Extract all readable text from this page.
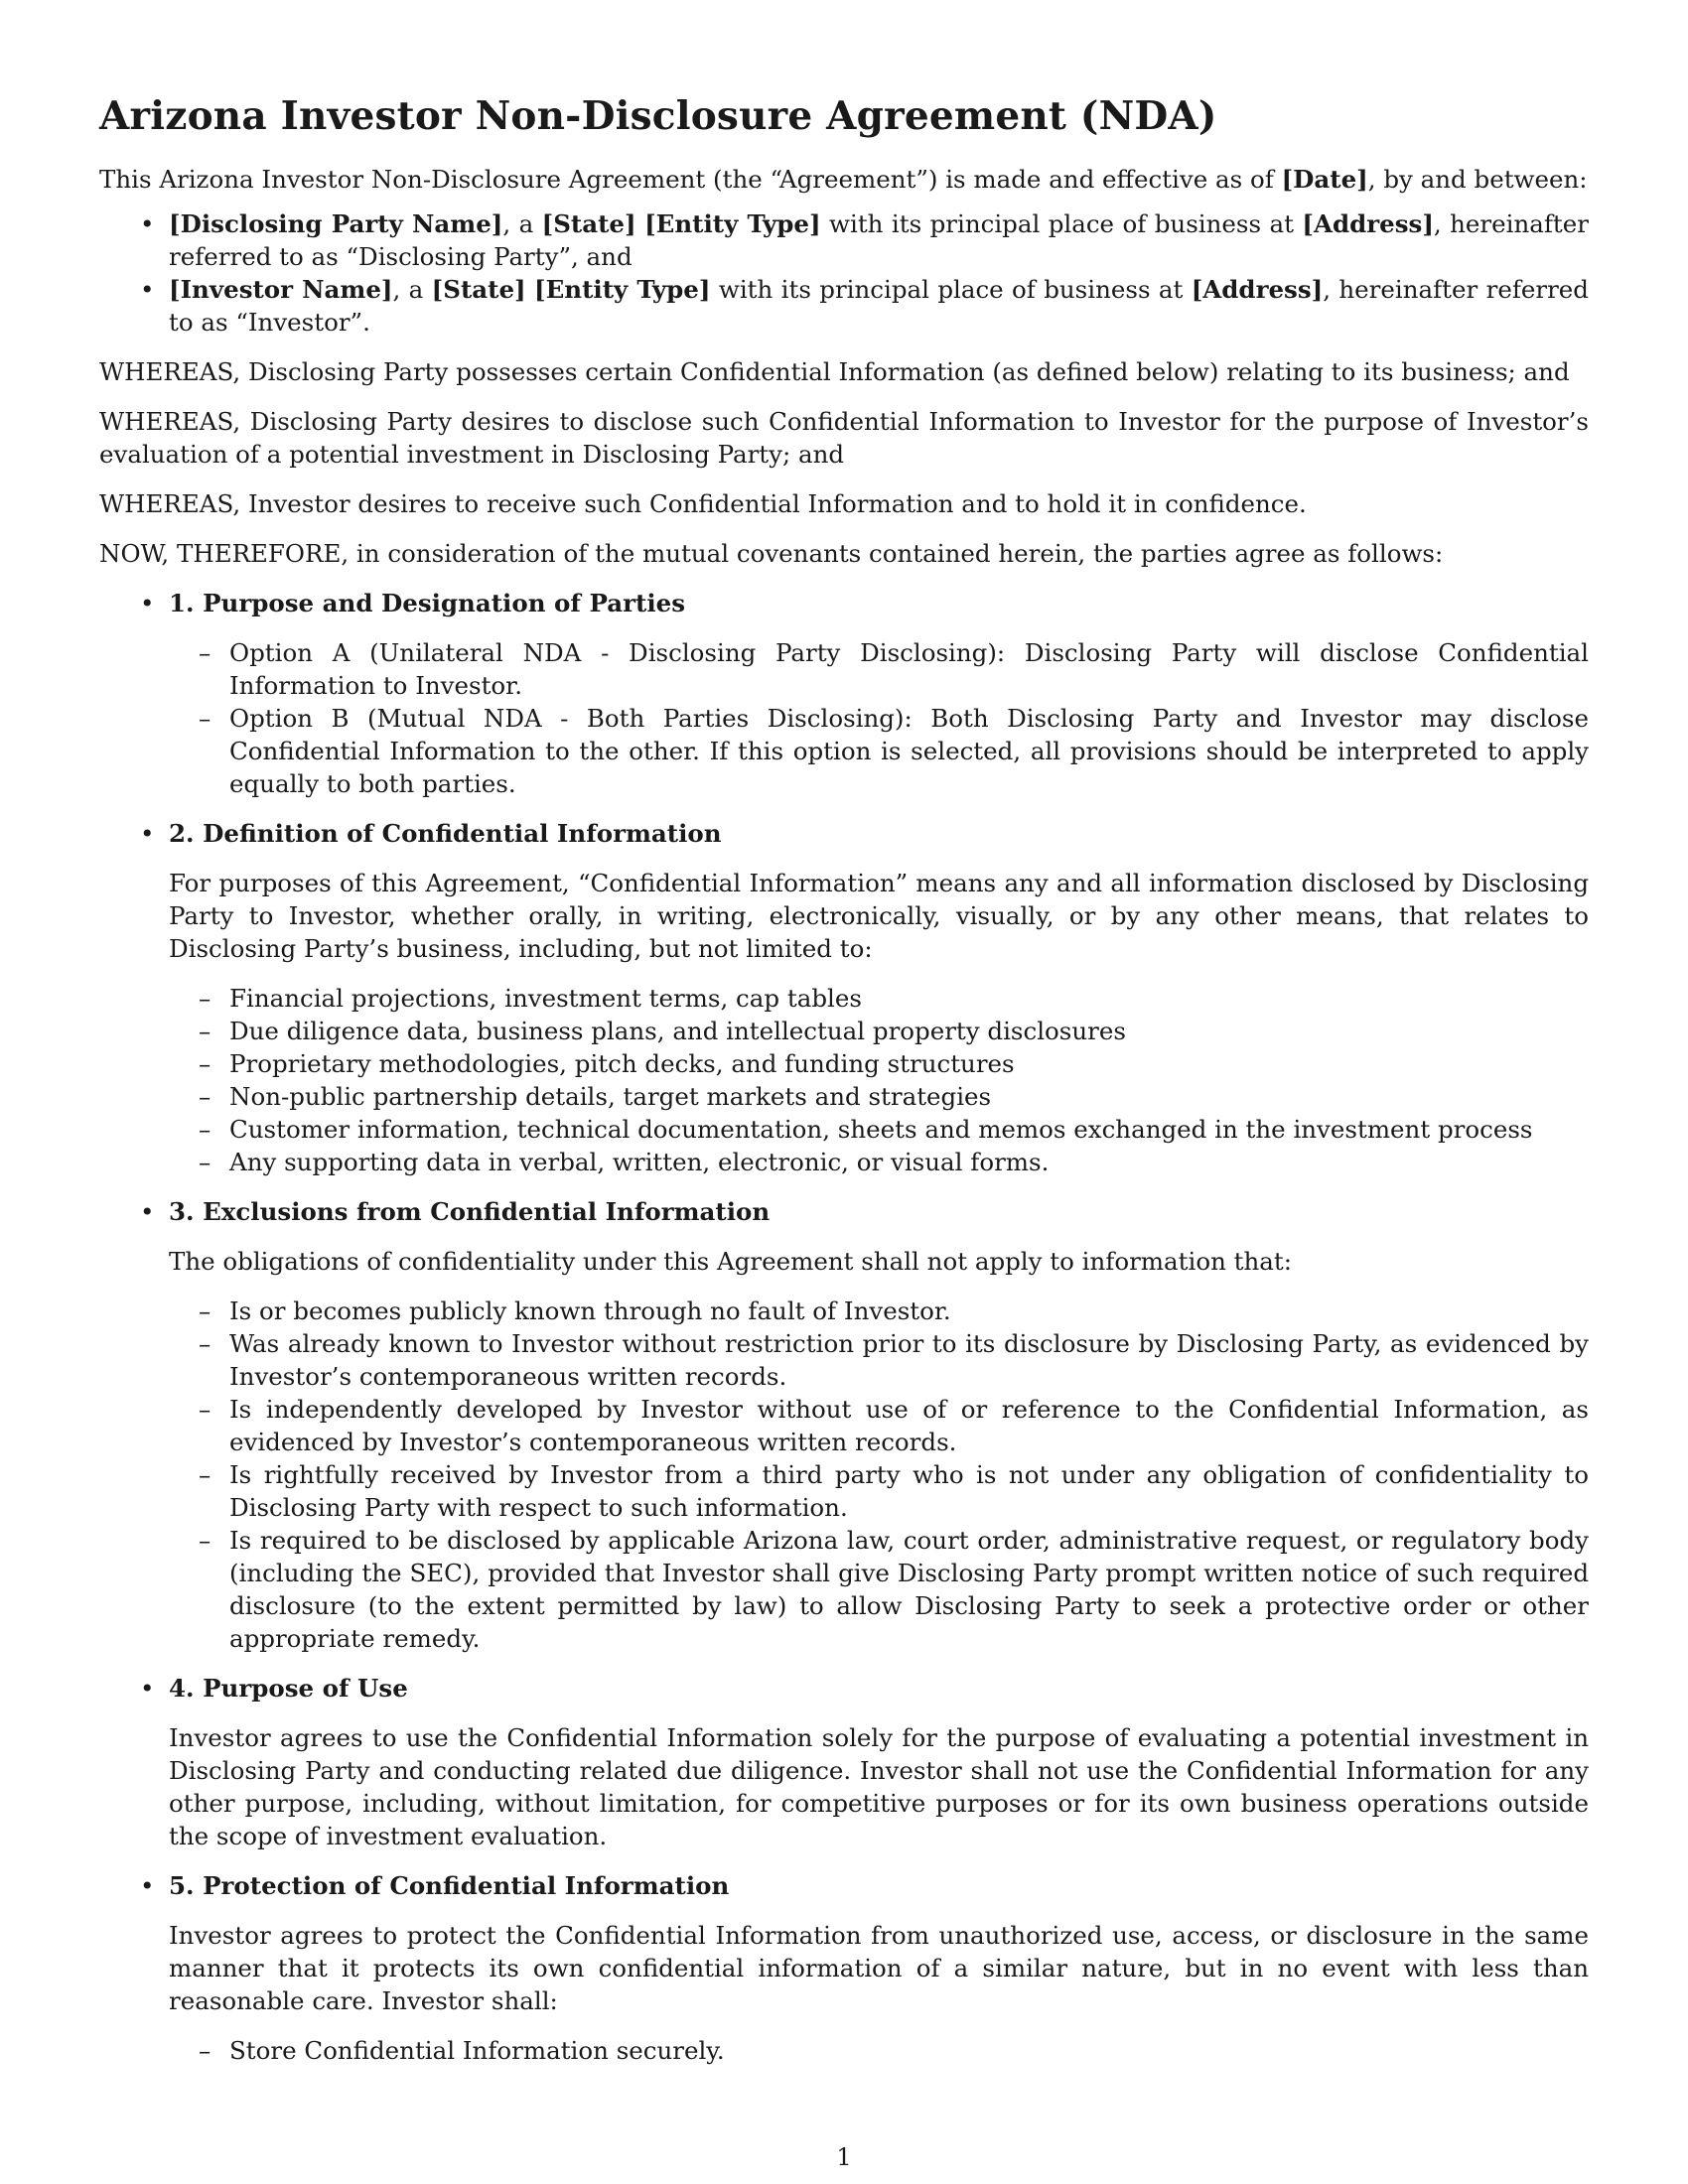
Arizona Investor Non-Disclosure Agreement (NDA)

This Arizona Investor Non-Disclosure Agreement (the “Agreement”) is made and effective as of [Date], by and between:

• [Disclosing Party Name], a [State] [Entity Type] with its principal place of business at [Address], hereinafter referred to as “Disclosing Party”, and
• [Investor Name], a [State] [Entity Type] with its principal place of business at [Address], hereinafter referred to as “Investor”.

WHEREAS, Disclosing Party possesses certain Confidential Information (as defined below) relating to its business; and

WHEREAS, Disclosing Party desires to disclose such Confidential Information to Investor for the purpose of Investor’s evaluation of a potential investment in Disclosing Party; and

WHEREAS, Investor desires to receive such Confidential Information and to hold it in confidence.

NOW, THEREFORE, in consideration of the mutual covenants contained herein, the parties agree as follows:

• 1. Purpose and Designation of Parties
– Option A (Unilateral NDA - Disclosing Party Disclosing): Disclosing Party will disclose Confidential Information to Investor.
– Option B (Mutual NDA - Both Parties Disclosing): Both Disclosing Party and Investor may disclose Confidential Information to the other. If this option is selected, all provisions should be interpreted to apply equally to both parties.
• 2. Definition of Confidential Information

For purposes of this Agreement, “Confidential Information” means any and all information disclosed by Disclosing Party to Investor, whether orally, in writing, electronically, visually, or by any other means, that relates to Disclosing Party’s business, including, but not limited to:

– Financial projections, investment terms, cap tables
– Due diligence data, business plans, and intellectual property disclosures
– Proprietary methodologies, pitch decks, and funding structures
– Non-public partnership details, target markets and strategies
– Customer information, technical documentation, sheets and memos exchanged in the investment process
– Any supporting data in verbal, written, electronic, or visual forms.
• 3. Exclusions from Confidential Information

The obligations of confidentiality under this Agreement shall not apply to information that:

– Is or becomes publicly known through no fault of Investor.
– Was already known to Investor without restriction prior to its disclosure by Disclosing Party, as evidenced by Investor’s contemporaneous written records.
– Is independently developed by Investor without use of or reference to the Confidential Information, as evidenced by Investor’s contemporaneous written records.
– Is rightfully received by Investor from a third party who is not under any obligation of confidentiality to Disclosing Party with respect to such information.
– Is required to be disclosed by applicable Arizona law, court order, administrative request, or regulatory body (including the SEC), provided that Investor shall give Disclosing Party prompt written notice of such required disclosure (to the extent permitted by law) to allow Disclosing Party to seek a protective order or other appropriate remedy.
• 4. Purpose of Use

Investor agrees to use the Confidential Information solely for the purpose of evaluating a potential investment in Disclosing Party and conducting related due diligence. Investor shall not use the Confidential Information for any other purpose, including, without limitation, for competitive purposes or for its own business operations outside the scope of investment evaluation.

• 5. Protection of Confidential Information

Investor agrees to protect the Confidential Information from unauthorized use, access, or disclosure in the same manner that it protects its own confidential information of a similar nature, but in no event with less than reasonable care. Investor shall:

– Store Confidential Information securely.
1
